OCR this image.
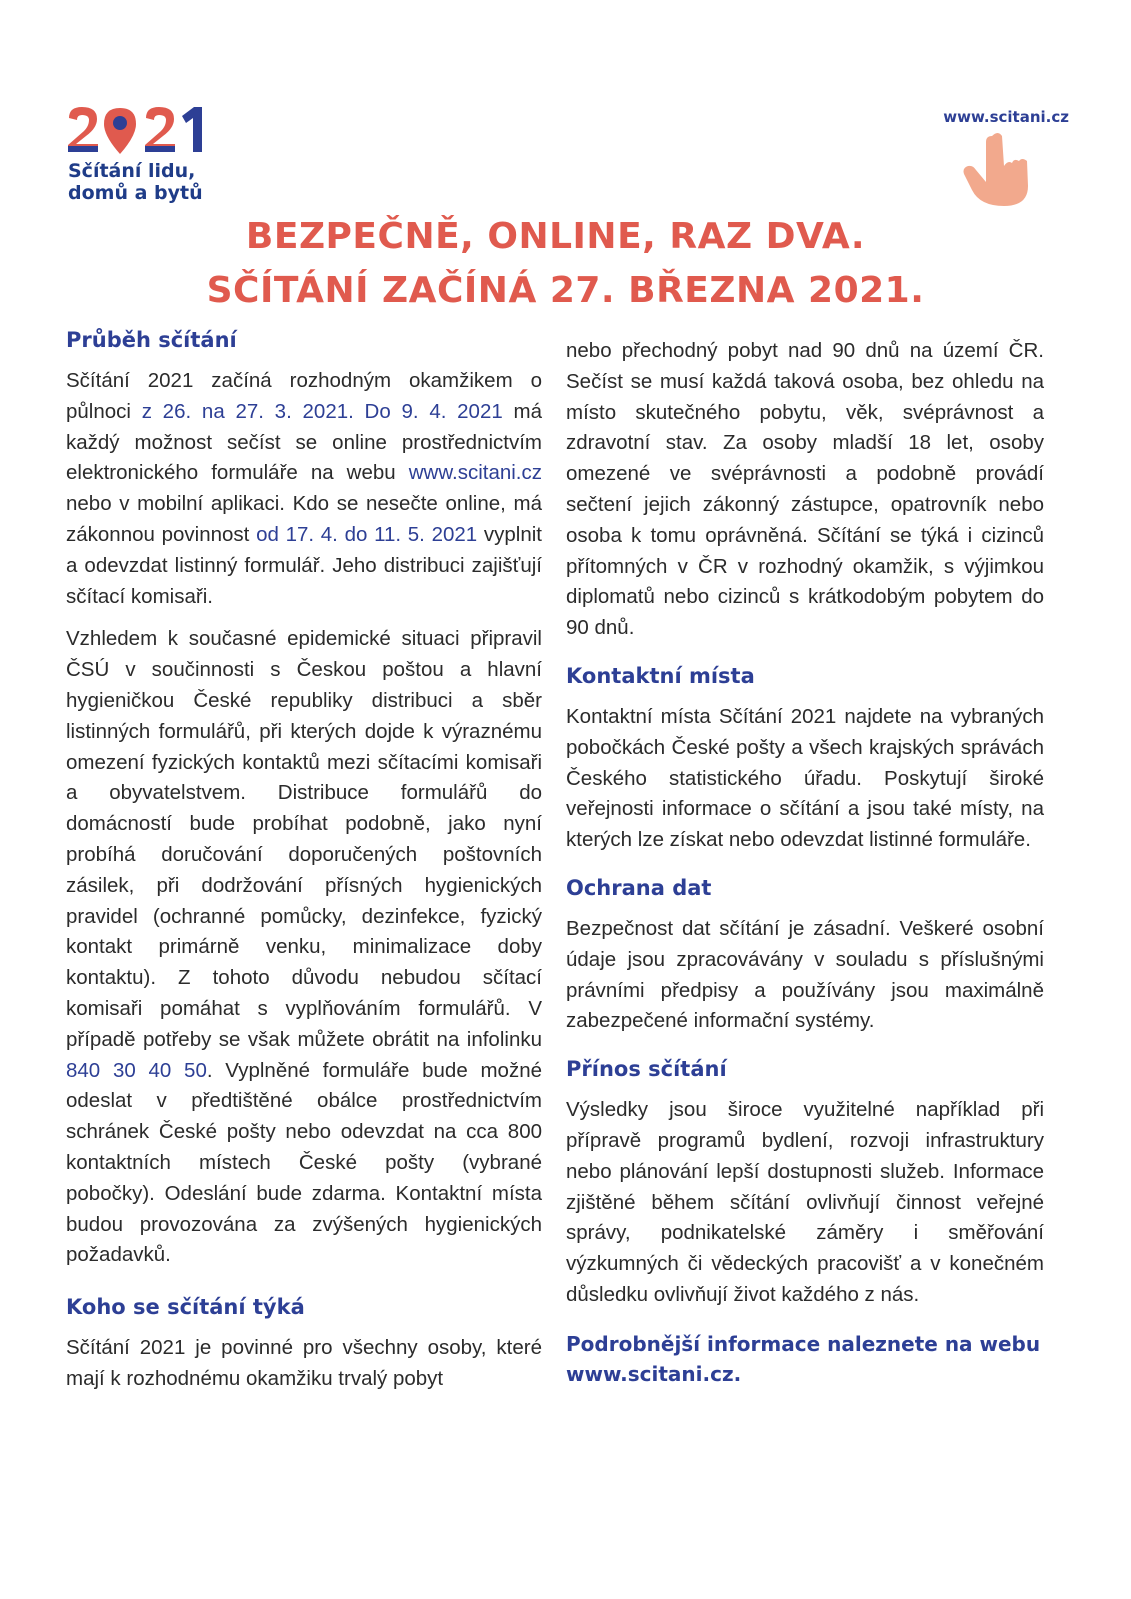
Sčítání lidu,
domů a bytů
www.scitani.cz
BEZPEČNĚ, ONLINE, RAZ DVA.
SČÍTÁNÍ ZAČÍNÁ 27. BŘEZNA 2021.
Průběh sčítání

Sčítání 2021 začíná rozhodným okamžikem o půlnoci z 26. na 27. 3. 2021. Do 9. 4. 2021 má každý možnost sečíst se online prostřednictvím elektronického formuláře na webu www.scitani.cz nebo v mobilní aplikaci. Kdo se nesečte online, má zákonnou povinnost od 17. 4. do 11. 5. 2021 vyplnit a odevzdat listinný formulář. Jeho distribuci zajišťují sčítací komisaři.

Vzhledem k současné epidemické situaci připravil ČSÚ v součinnosti s Českou poštou a hlavní hygieničkou České republiky distribuci a sběr listinných formulářů, při kterých dojde k výraznému omezení fyzických kontaktů mezi sčítacími komisaři a obyvatelstvem. Distribuce formulářů do domácností bude probíhat podobně, jako nyní probíhá doručování doporučených poštovních zásilek, při dodržování přísných hygienických pravidel (ochranné pomůcky, dezinfekce, fyzický kontakt primárně venku, minimalizace doby kontaktu). Z tohoto důvodu nebudou sčítací komisaři pomáhat s vyplňováním formulářů. V případě potřeby se však můžete obrátit na infolinku 840 30 40 50. Vyplněné formuláře bude možné odeslat v předtištěné obálce prostřednictvím schránek České pošty nebo odevzdat na cca 800 kontaktních místech České pošty (vybrané pobočky). Odeslání bude zdarma. Kontaktní místa budou provozována za zvýšených hygienických požadavků.

Koho se sčítání týká

Sčítání 2021 je povinné pro všechny osoby, které mají k rozhodnému okamžiku trvalý pobyt

nebo přechodný pobyt nad 90 dnů na území ČR. Sečíst se musí každá taková osoba, bez ohledu na místo skutečného pobytu, věk, svéprávnost a zdravotní stav. Za osoby mladší 18 let, osoby omezené ve svéprávnosti a podobně provádí sečtení jejich zákonný zástupce, opatrovník nebo osoba k tomu oprávněná. Sčítání se týká i cizinců přítomných v ČR v rozhodný okamžik, s výjimkou diplomatů nebo cizinců s krátkodobým pobytem do 90 dnů.

Kontaktní místa

Kontaktní místa Sčítání 2021 najdete na vybraných pobočkách České pošty a všech krajských správách Českého statistického úřadu. Poskytují široké veřejnosti informace o sčítání a jsou také místy, na kterých lze získat nebo odevzdat listinné formuláře.

Ochrana dat

Bezpečnost dat sčítání je zásadní. Veškeré osobní údaje jsou zpracovávány v souladu s příslušnými právními předpisy a používány jsou maximálně zabezpečené informační systémy.

Přínos sčítání

Výsledky jsou široce využitelné například při přípravě programů bydlení, rozvoji infrastruktury nebo plánování lepší dostupnosti služeb. Informace zjištěné během sčítání ovlivňují činnost veřejné správy, podnikatelské záměry i směřování výzkumných či vědeckých pracovišť a v konečném důsledku ovlivňují život každého z nás.

Podrobnější informace naleznete na webu
www.scitani.cz.
